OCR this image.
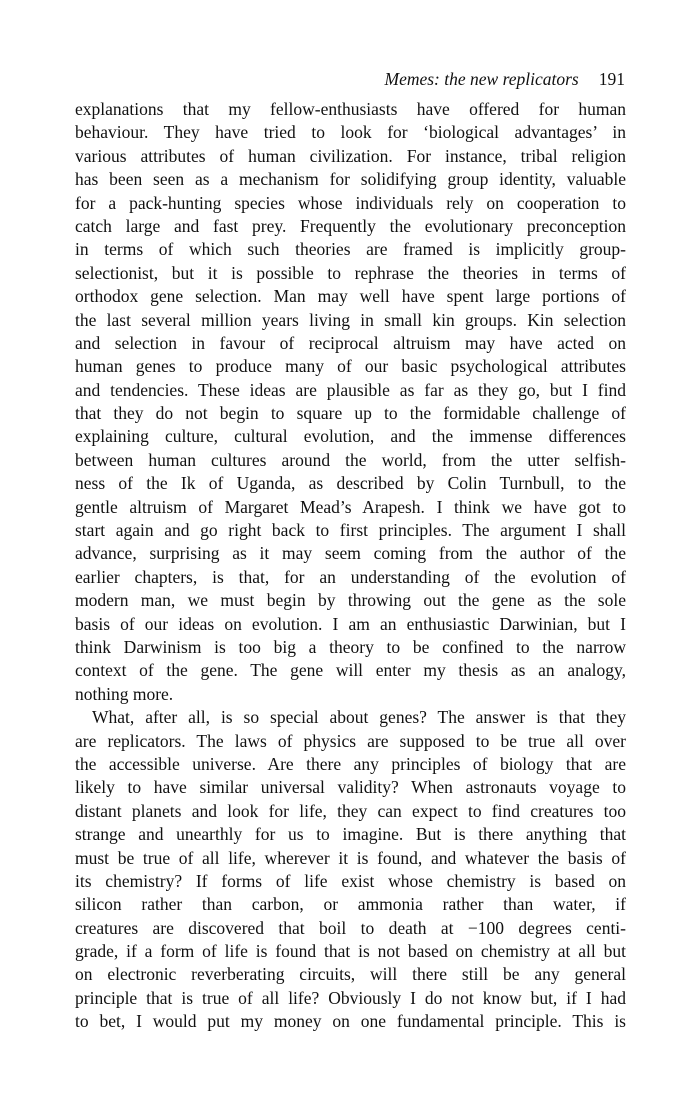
Memes: the new replicators 191
explanations that my fellow-enthusiasts have offered for human
behaviour. They have tried to look for ‘biological advantages’ in
various attributes of human civilization. For instance, tribal religion
has been seen as a mechanism for solidifying group identity, valuable
for a pack-hunting species whose individuals rely on cooperation to
catch large and fast prey. Frequently the evolutionary preconception
in terms of which such theories are framed is implicitly group-
selectionist, but it is possible to rephrase the theories in terms of
orthodox gene selection. Man may well have spent large portions of
the last several million years living in small kin groups. Kin selection
and selection in favour of reciprocal altruism may have acted on
human genes to produce many of our basic psychological attributes
and tendencies. These ideas are plausible as far as they go, but I find
that they do not begin to square up to the formidable challenge of
explaining culture, cultural evolution, and the immense differences
between human cultures around the world, from the utter selfish-
ness of the Ik of Uganda, as described by Colin Turnbull, to the
gentle altruism of Margaret Mead’s Arapesh. I think we have got to
start again and go right back to first principles. The argument I shall
advance, surprising as it may seem coming from the author of the
earlier chapters, is that, for an understanding of the evolution of
modern man, we must begin by throwing out the gene as the sole
basis of our ideas on evolution. I am an enthusiastic Darwinian, but I
think Darwinism is too big a theory to be confined to the narrow
context of the gene. The gene will enter my thesis as an analogy,
nothing more.
What, after all, is so special about genes? The answer is that they
are replicators. The laws of physics are supposed to be true all over
the accessible universe. Are there any principles of biology that are
likely to have similar universal validity? When astronauts voyage to
distant planets and look for life, they can expect to find creatures too
strange and unearthly for us to imagine. But is there anything that
must be true of all life, wherever it is found, and whatever the basis of
its chemistry? If forms of life exist whose chemistry is based on
silicon rather than carbon, or ammonia rather than water, if
creatures are discovered that boil to death at −100 degrees centi-
grade, if a form of life is found that is not based on chemistry at all but
on electronic reverberating circuits, will there still be any general
principle that is true of all life? Obviously I do not know but, if I had
to bet, I would put my money on one fundamental principle. This is
